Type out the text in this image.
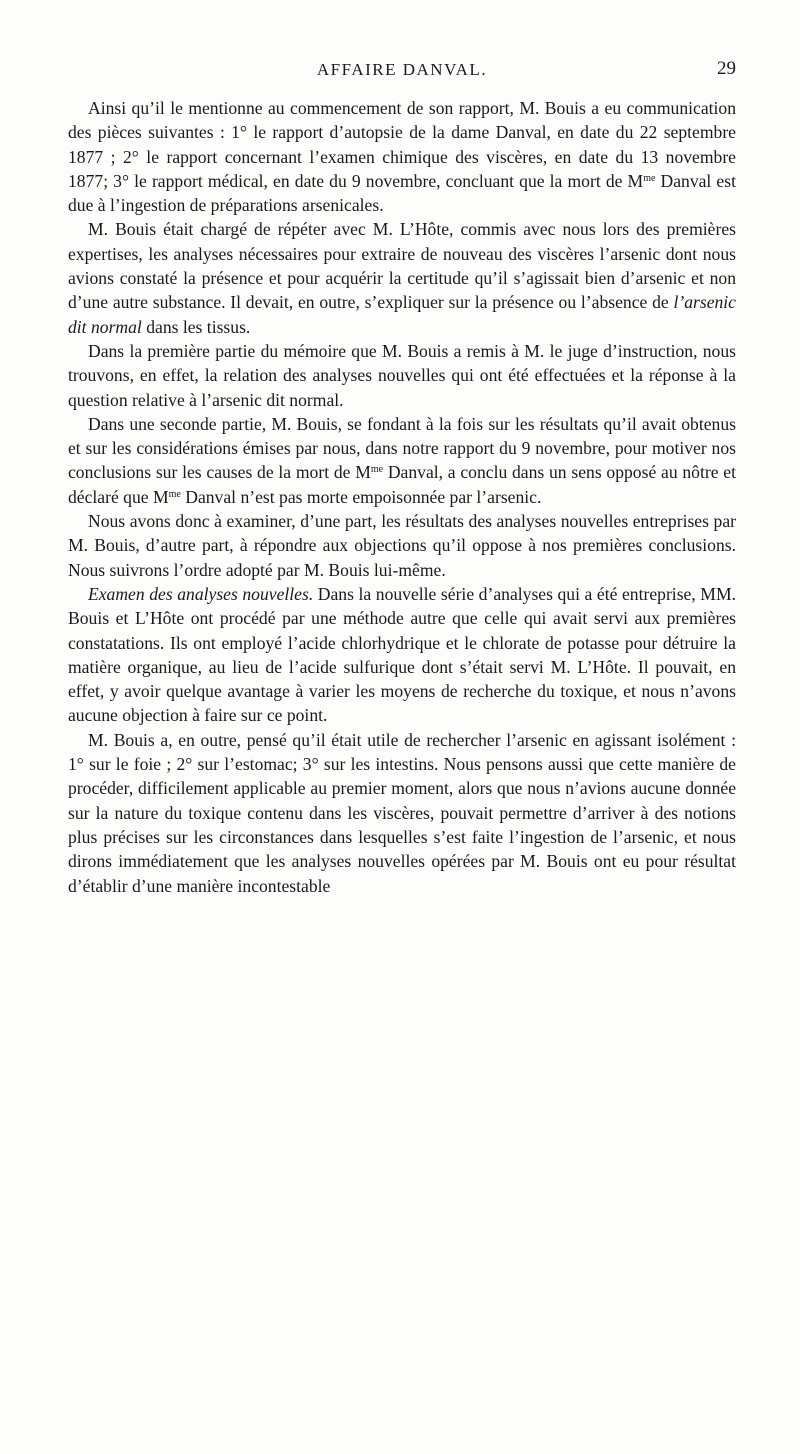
AFFAIRE DANVAL.	29

Ainsi qu’il le mentionne au commencement de son rapport, M. Bouis a eu communication des pièces suivantes : 1° le rapport d’autopsie de la dame Danval, en date du 22 septembre 1877 ; 2° le rapport concernant l’examen chimique des viscères, en date du 13 novembre 1877; 3° le rapport médical, en date du 9 novembre, concluant que la mort de $M^{me}$ Danval est due à l’ingestion de préparations arsenicales.

M. Bouis était chargé de répéter avec M. L’Hôte, commis avec nous lors des premières expertises, les analyses nécessaires pour extraire de nouveau des viscères l’arsenic dont nous avions constaté la présence et pour acquérir la certitude qu’il s’agissait bien d’arsenic et non d’une autre substance. Il devait, en outre, s’expliquer sur la présence ou l’absence de l’arsenic dit normal dans les tissus.

Dans la première partie du mémoire que M. Bouis a remis à M. le juge d’instruction, nous trouvons, en effet, la relation des analyses nouvelles qui ont été effectuées et la réponse à la question relative à l’arsenic dit normal.

Dans une seconde partie, M. Bouis, se fondant à la fois sur les résultats qu’il avait obtenus et sur les considérations émises par nous, dans notre rapport du 9 novembre, pour motiver nos conclusions sur les causes de la mort de $M^{me}$ Danval, a conclu dans un sens opposé au nôtre et déclaré que $M^{me}$ Danval n’est pas morte empoisonnée par l’arsenic.

Nous avons donc à examiner, d’une part, les résultats des analyses nouvelles entreprises par M. Bouis, d’autre part, à répondre aux objections qu’il oppose à nos premières conclusions. Nous suivrons l’ordre adopté par M. Bouis lui-même.

Examen des analyses nouvelles. Dans la nouvelle série d’analyses qui a été entreprise, MM. Bouis et L’Hôte ont procédé par une méthode autre que celle qui avait servi aux premières constatations. Ils ont employé l’acide chlorhydrique et le chlorate de potasse pour détruire la matière organique, au lieu de l’acide sulfurique dont s’était servi M. L’Hôte. Il pouvait, en effet, y avoir quelque avantage à varier les moyens de recherche du toxique, et nous n’avons aucune objection à faire sur ce point.

M. Bouis a, en outre, pensé qu’il était utile de rechercher l’arsenic en agissant isolément : 1° sur le foie ; 2° sur l’estomac; 3° sur les intestins. Nous pensons aussi que cette manière de procéder, difficilement applicable au premier moment, alors que nous n’avions aucune donnée sur la nature du toxique contenu dans les viscères, pouvait permettre d’arriver à des notions plus précises sur les circonstances dans lesquelles s’est faite l’ingestion de l’arsenic, et nous dirons immédiatement que les analyses nouvelles opérées par M. Bouis ont eu pour résultat d’établir d’une manière incontestable
